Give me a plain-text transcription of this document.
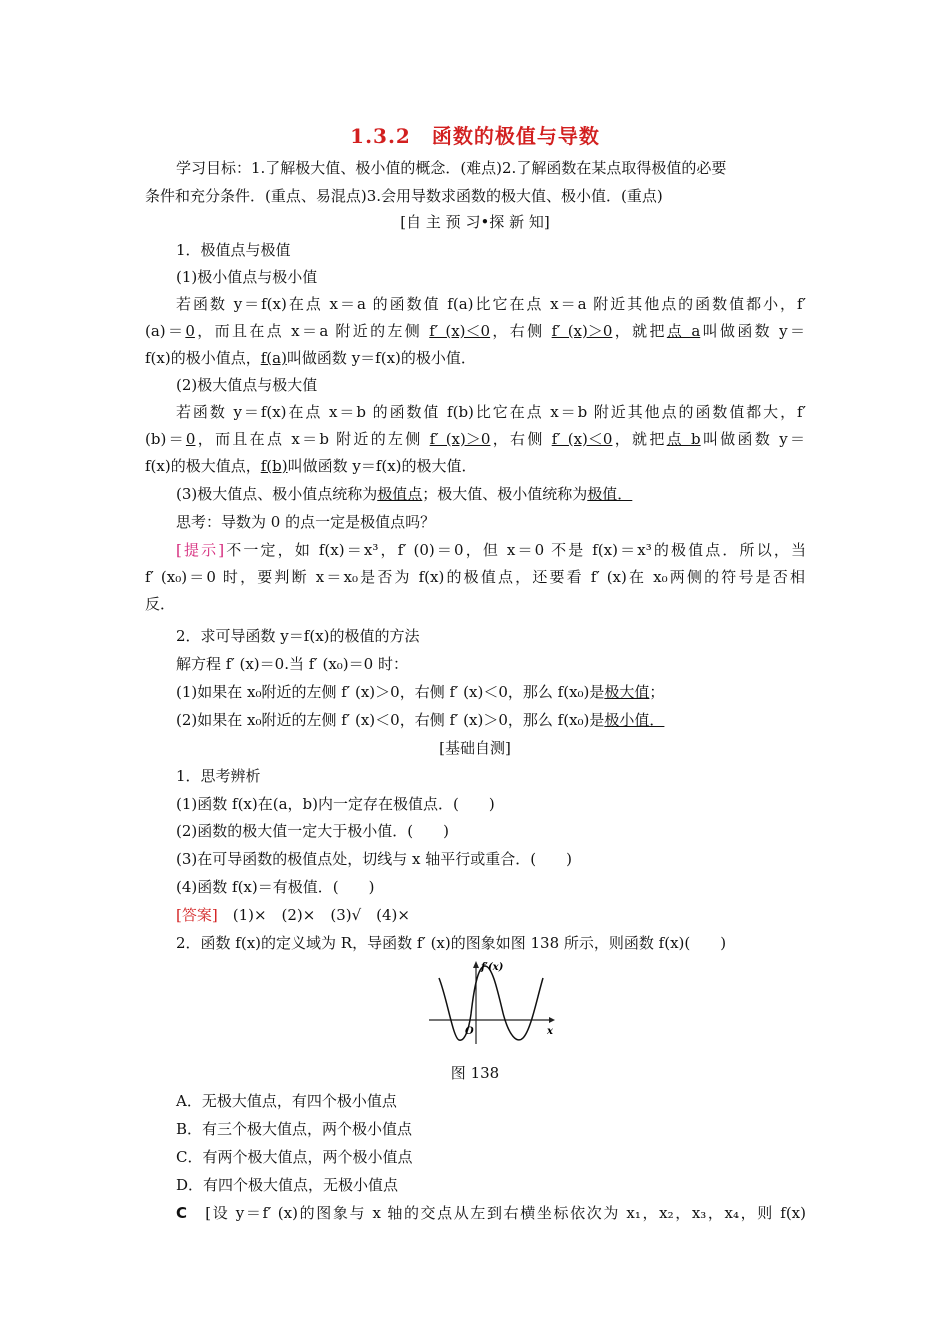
1.3.2　函数的极值与导数
学习目标：1.了解极大值、极小值的概念．(难点)2.了解函数在某点取得极值的必要
条件和充分条件．(重点、易混点)3.会用导数求函数的极大值、极小值．(重点)
[自 主 预 习•探 新 知]
1．极值点与极值
(1)极小值点与极小值
若函数 y＝f(x)在点 x＝a 的函数值 f(a)比它在点 x＝a 附近其他点的函数值都小，f′
(a)＝0，而且在点 x＝a 附近的左侧 f′ (x)＜0，右侧 f′ (x)＞0，就把点 a叫做函数 y＝
f(x)的极小值点，f(a)叫做函数 y＝f(x)的极小值．
(2)极大值点与极大值
若函数 y＝f(x)在点 x＝b 的函数值 f(b)比它在点 x＝b 附近其他点的函数值都大，f′
(b)＝0，而且在点 x＝b 附近的左侧 f′ (x)＞0，右侧 f′ (x)＜0，就把点 b叫做函数 y＝
f(x)的极大值点，f(b)叫做函数 y＝f(x)的极大值．
(3)极大值点、极小值点统称为极值点；极大值、极小值统称为极值．
思考：导数为 0 的点一定是极值点吗？
[提示]不一定，如 f(x)＝x³，f′ (0)＝0，但 x＝0 不是 f(x)＝x³的极值点．所以，当
f′ (x₀)＝0 时，要判断 x＝x₀是否为 f(x)的极值点，还要看 f′ (x)在 x₀两侧的符号是否相
反．
2．求可导函数 y＝f(x)的极值的方法
解方程 f′ (x)＝0.当 f′ (x₀)＝0 时：
(1)如果在 x₀附近的左侧 f′ (x)＞0，右侧 f′ (x)＜0，那么 f(x₀)是极大值；
(2)如果在 x₀附近的左侧 f′ (x)＜0，右侧 f′ (x)＞0，那么 f(x₀)是极小值．
[基础自测]
1．思考辨析
(1)函数 f(x)在(a，b)内一定存在极值点．(　　)
(2)函数的极大值一定大于极小值．(　　)
(3)在可导函数的极值点处，切线与 x 轴平行或重合．(　　)
(4)函数 f(x)＝有极值．(　　)
[答案]　(1)×　(2)×　(3)√　(4)×
2．函数 f(x)的定义域为 R，导函数 f′ (x)的图象如图 138 所示，则函数 f(x)(　　)
f′(x)
O	x
图 138
A．无极大值点，有四个极小值点
B．有三个极大值点，两个极小值点
C．有两个极大值点，两个极小值点
D．有四个极大值点，无极小值点
C　[设 y＝f′ (x)的图象与 x 轴的交点从左到右横坐标依次为 x₁，x₂，x₃，x₄，则 f(x)
